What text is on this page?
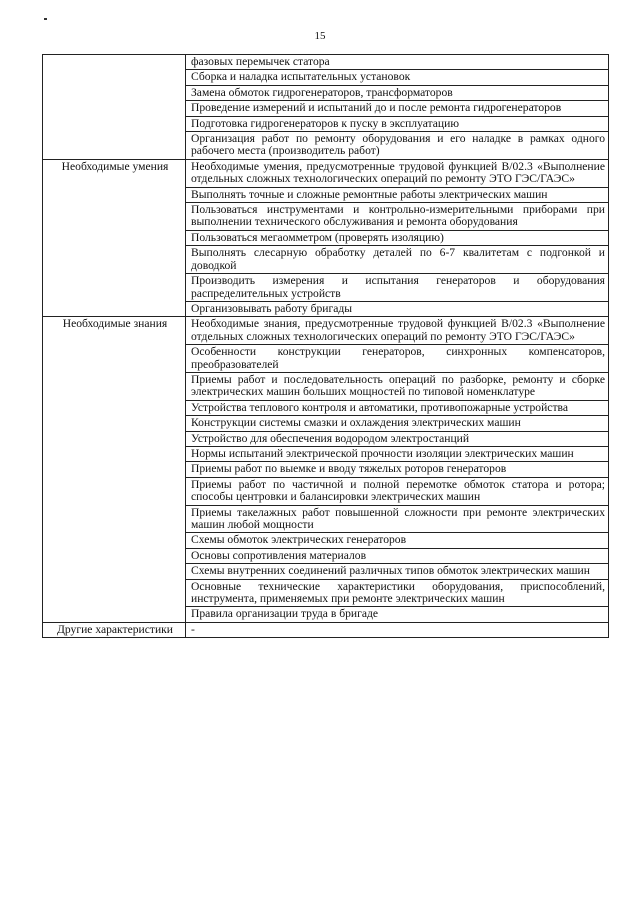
15
	фазовых перемычек статора
	Сборка и наладка испытательных установок
	Замена обмоток гидрогенераторов, трансформаторов
	Проведение измерений и испытаний до и после ремонта гидрогенераторов
	Подготовка гидрогенераторов к пуску в эксплуатацию
	Организация работ по ремонту оборудования и его наладке в рамках одного рабочего места (производитель работ)
Необходимые умения	Необходимые умения, предусмотренные трудовой функцией В/02.3 «Выполнение отдельных сложных технологических операций по ремонту ЭТО ГЭС/ГАЭС»
	Выполнять точные и сложные ремонтные работы электрических машин
	Пользоваться инструментами и контрольно-измерительными приборами при выполнении технического обслуживания и ремонта оборудования
	Пользоваться мегаомметром (проверять изоляцию)
	Выполнять слесарную обработку деталей по 6-7 квалитетам с подгонкой и доводкой
	Производить измерения и испытания генераторов и оборудования распределительных устройств
	Организовывать работу бригады
Необходимые знания	Необходимые знания, предусмотренные трудовой функцией В/02.3 «Выполнение отдельных сложных технологических операций по ремонту ЭТО ГЭС/ГАЭС»
	Особенности конструкции генераторов, синхронных компенсаторов, преобразователей
	Приемы работ и последовательность операций по разборке, ремонту и сборке электрических машин больших мощностей по типовой номенклатуре
	Устройства теплового контроля и автоматики, противопожарные устройства
	Конструкции системы смазки и охлаждения электрических машин
	Устройство для обеспечения водородом электростанций
	Нормы испытаний электрической прочности изоляции электрических машин
	Приемы работ по выемке и вводу тяжелых роторов генераторов
	Приемы работ по частичной и полной перемотке обмоток статора и ротора; способы центровки и балансировки электрических машин
	Приемы такелажных работ повышенной сложности при ремонте электрических машин любой мощности
	Схемы обмоток электрических генераторов
	Основы сопротивления материалов
	Схемы внутренних соединений различных типов обмоток электрических машин
	Основные технические характеристики оборудования, приспособлений, инструмента, применяемых при ремонте электрических машин
	Правила организации труда в бригаде
Другие характеристики	-
